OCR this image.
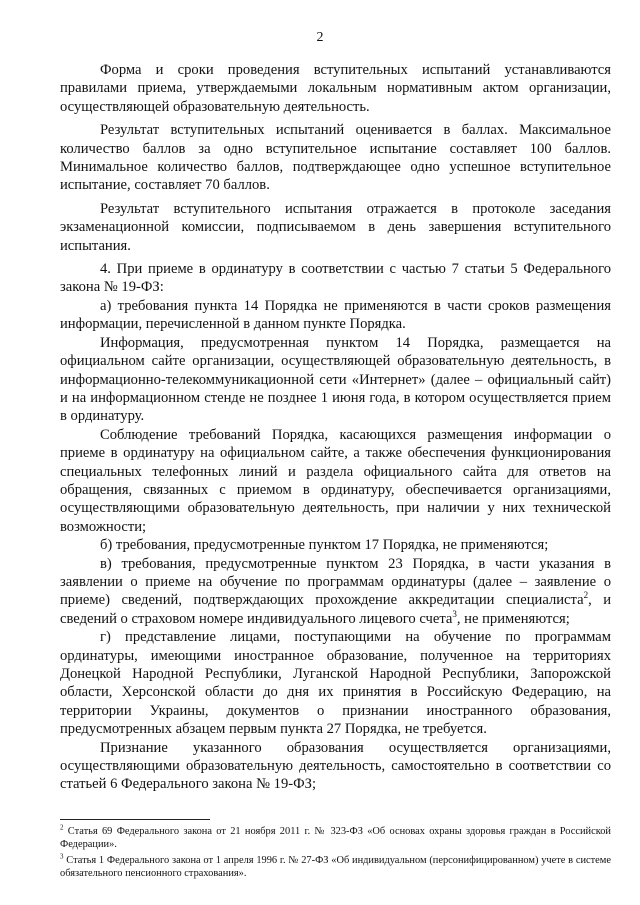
2

Форма и сроки проведения вступительных испытаний устанавливаются правилами приема, утверждаемыми локальным нормативным актом организации, осуществляющей образовательную деятельность.

Результат вступительных испытаний оценивается в баллах. Максимальное количество баллов за одно вступительное испытание составляет 100 баллов. Минимальное количество баллов, подтверждающее одно успешное вступительное испытание, составляет 70 баллов.

Результат вступительного испытания отражается в протоколе заседания экзаменационной комиссии, подписываемом в день завершения вступительного испытания.

4. При приеме в ординатуру в соответствии с частью 7 статьи 5 Федерального закона № 19-ФЗ:

а) требования пункта 14 Порядка не применяются в части сроков размещения информации, перечисленной в данном пункте Порядка.

Информация, предусмотренная пунктом 14 Порядка, размещается на официальном сайте организации, осуществляющей образовательную деятельность, в информационно-телекоммуникационной сети «Интернет» (далее – официальный сайт) и на информационном стенде не позднее 1 июня года, в котором осуществляется прием в ординатуру.

Соблюдение требований Порядка, касающихся размещения информации о приеме в ординатуру на официальном сайте, а также обеспечения функционирования специальных телефонных линий и раздела официального сайта для ответов на обращения, связанных с приемом в ординатуру, обеспечивается организациями, осуществляющими образовательную деятельность, при наличии у них технической возможности;

б) требования, предусмотренные пунктом 17 Порядка, не применяются;

в) требования, предусмотренные пунктом 23 Порядка, в части указания в заявлении о приеме на обучение по программам ординатуры (далее – заявление о приеме) сведений, подтверждающих прохождение аккредитации специалиста$^2$, и сведений о страховом номере индивидуального лицевого счета$^3$, не применяются;

г) представление лицами, поступающими на обучение по программам ординатуры, имеющими иностранное образование, полученное на территориях Донецкой Народной Республики, Луганской Народной Республики, Запорожской области, Херсонской области до дня их принятия в Российскую Федерацию, на территории Украины, документов о признании иностранного образования, предусмотренных абзацем первым пункта 27 Порядка, не требуется.

Признание указанного образования осуществляется организациями, осуществляющими образовательную деятельность, самостоятельно в соответствии со статьей 6 Федерального закона № 19-ФЗ;

$^2$ Статья 69 Федерального закона от 21 ноября 2011 г. № 323-ФЗ «Об основах охраны здоровья граждан в Российской Федерации».

$^3$ Статья 1 Федерального закона от 1 апреля 1996 г. № 27-ФЗ «Об индивидуальном (персонифицированном) учете в системе обязательного пенсионного страхования».
